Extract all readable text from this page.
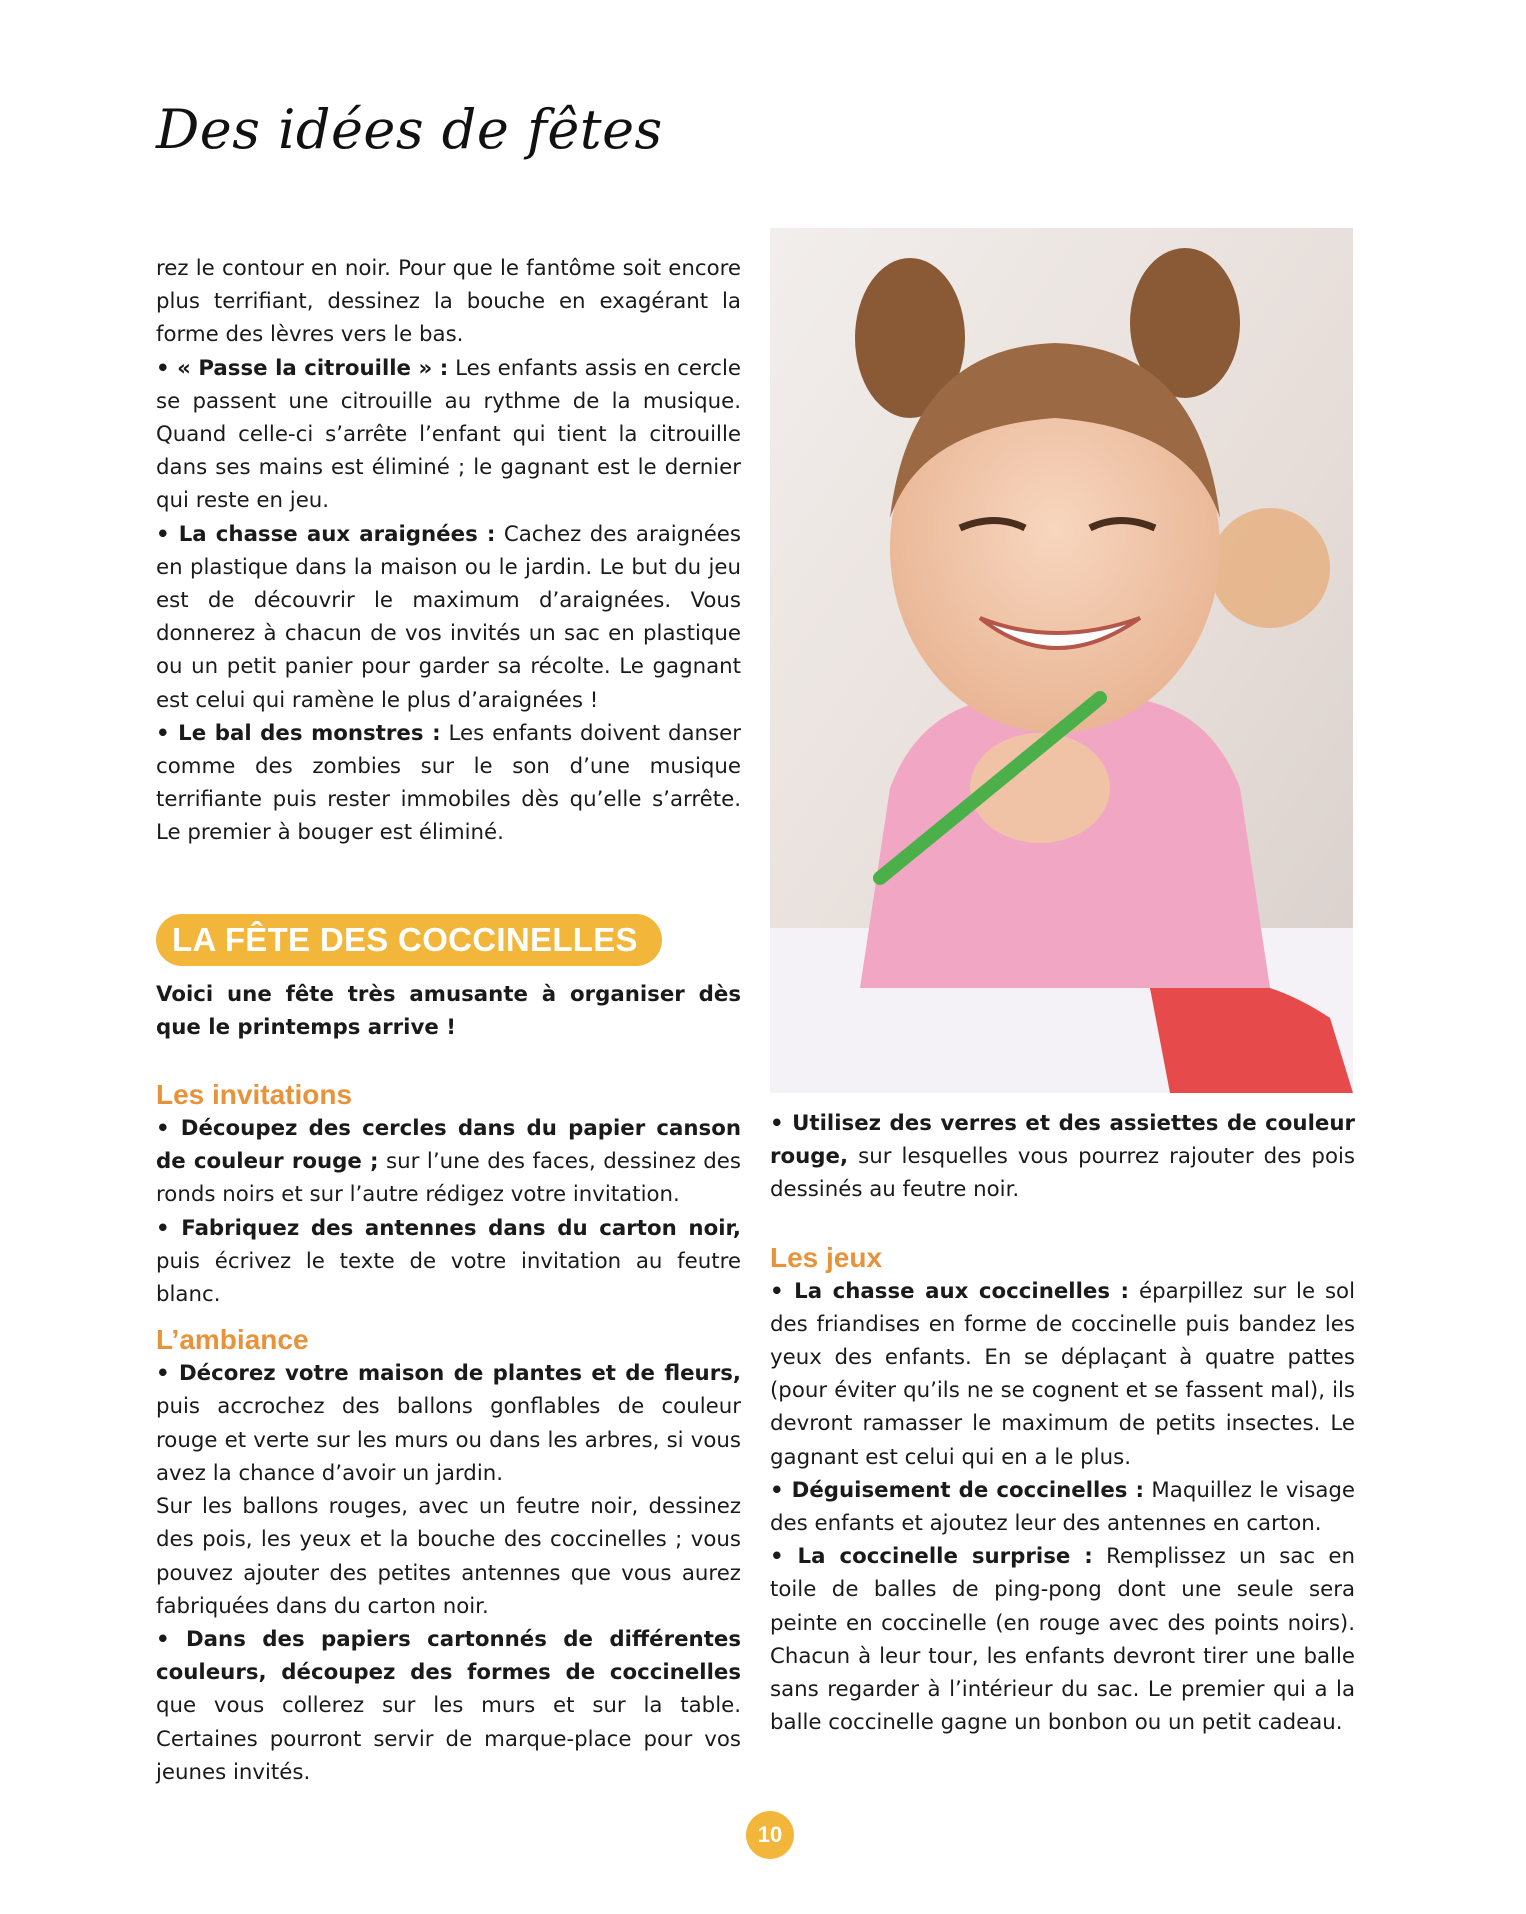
Des idées de fêtes

rez le contour en noir. Pour que le fantôme soit encore plus terrifiant, dessinez la bouche en exagérant la forme des lèvres vers le bas.

• « Passe la citrouille » : Les enfants assis en cercle se passent une citrouille au rythme de la musique. Quand celle-ci s’arrête l’enfant qui tient la citrouille dans ses mains est éliminé ; le gagnant est le dernier qui reste en jeu.

• La chasse aux araignées : Cachez des araignées en plastique dans la maison ou le jardin. Le but du jeu est de découvrir le maximum d’araignées. Vous donnerez à chacun de vos invités un sac en plastique ou un petit panier pour garder sa récolte. Le gagnant est celui qui ramène le plus d’araignées !

• Le bal des monstres : Les enfants doivent danser comme des zombies sur le son d’une musique terrifiante puis rester immobiles dès qu’elle s’arrête. Le premier à bouger est éliminé.

LA FÊTE DES COCCINELLES

Voici une fête très amusante à organiser dès que le printemps arrive !

Les invitations

• Découpez des cercles dans du papier canson de couleur rouge ; sur l’une des faces, dessinez des ronds noirs et sur l’autre rédigez votre invitation.

• Fabriquez des antennes dans du carton noir, puis écrivez le texte de votre invitation au feutre blanc.

L’ambiance

• Décorez votre maison de plantes et de fleurs, puis accrochez des ballons gonflables de couleur rouge et verte sur les murs ou dans les arbres, si vous avez la chance d’avoir un jardin.

Sur les ballons rouges, avec un feutre noir, dessinez des pois, les yeux et la bouche des coccinelles ; vous pouvez ajouter des petites antennes que vous aurez fabriquées dans du carton noir.

• Dans des papiers cartonnés de différentes couleurs, découpez des formes de coccinelles que vous collerez sur les murs et sur la table. Certaines pourront servir de marque-place pour vos jeunes invités.

• Utilisez des verres et des assiettes de couleur rouge, sur lesquelles vous pourrez rajouter des pois dessinés au feutre noir.

Les jeux

• La chasse aux coccinelles : éparpillez sur le sol des friandises en forme de coccinelle puis bandez les yeux des enfants. En se déplaçant à quatre pattes (pour éviter qu’ils ne se cognent et se fassent mal), ils devront ramasser le maximum de petits insectes. Le gagnant est celui qui en a le plus.

• Déguisement de coccinelles : Maquillez le visage des enfants et ajoutez leur des antennes en carton.

• La coccinelle surprise : Remplissez un sac en toile de balles de ping-pong dont une seule sera peinte en coccinelle (en rouge avec des points noirs). Chacun à leur tour, les enfants devront tirer une balle sans regarder à l’intérieur du sac. Le premier qui a la balle coccinelle gagne un bonbon ou un petit cadeau.

10
